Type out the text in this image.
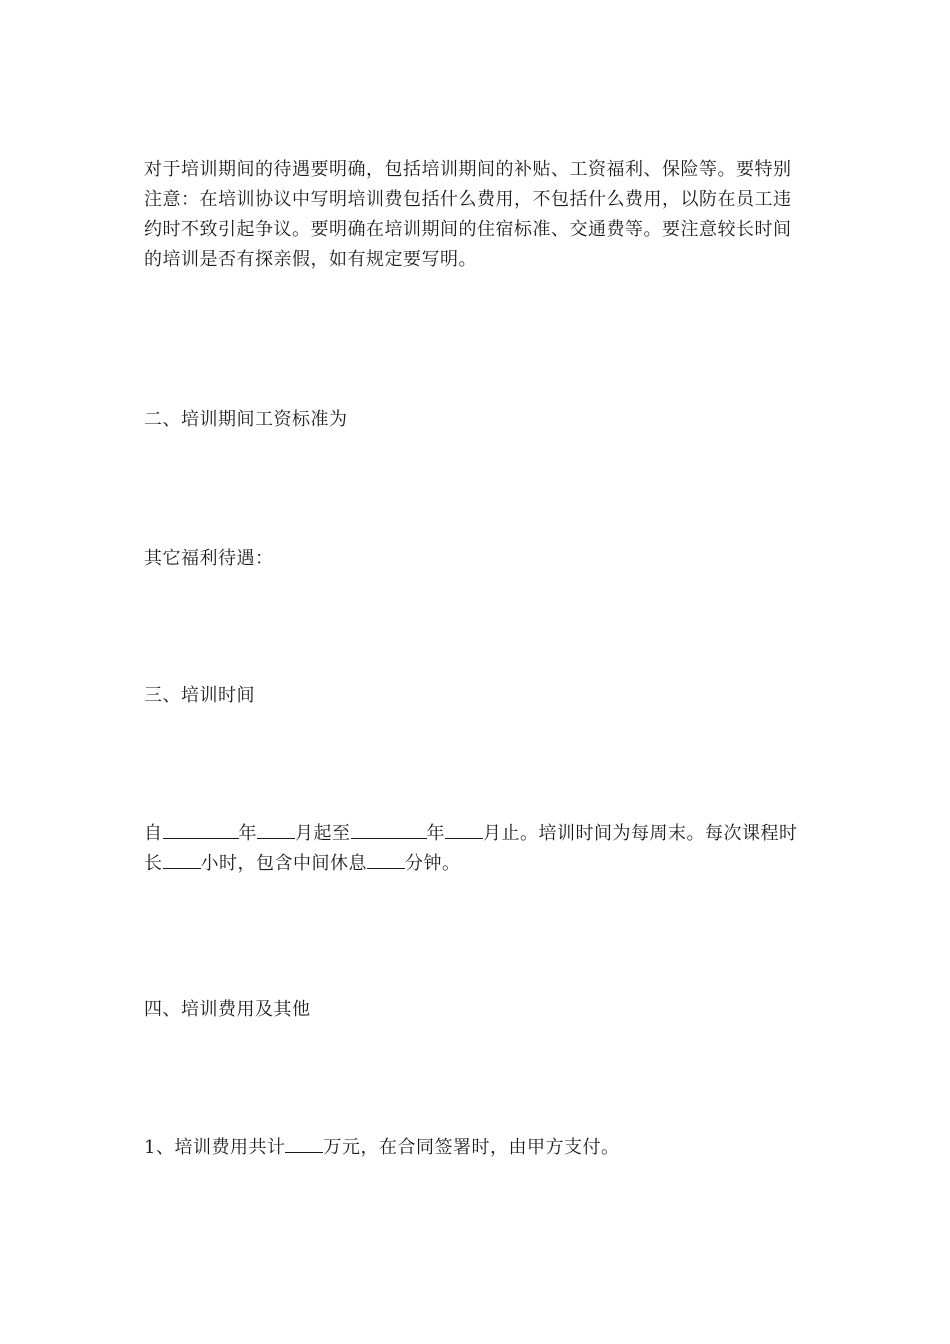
对于培训期间的待遇要明确，包括培训期间的补贴、工资福利、保险等。要特别注意：在培训协议中写明培训费包括什么费用，不包括什么费用，以防在员工违约时不致引起争议。要明确在培训期间的住宿标准、交通费等。要注意较长时间的培训是否有探亲假，如有规定要写明。

二、培训期间工资标准为

其它福利待遇：

三、培训时间

自	年 月起至	年 月止。培训时间为每周末。每次课程时长 小时，包含中间休息 分钟。

四、培训费用及其他

1、培训费用共计 万元，在合同签署时，由甲方支付。
